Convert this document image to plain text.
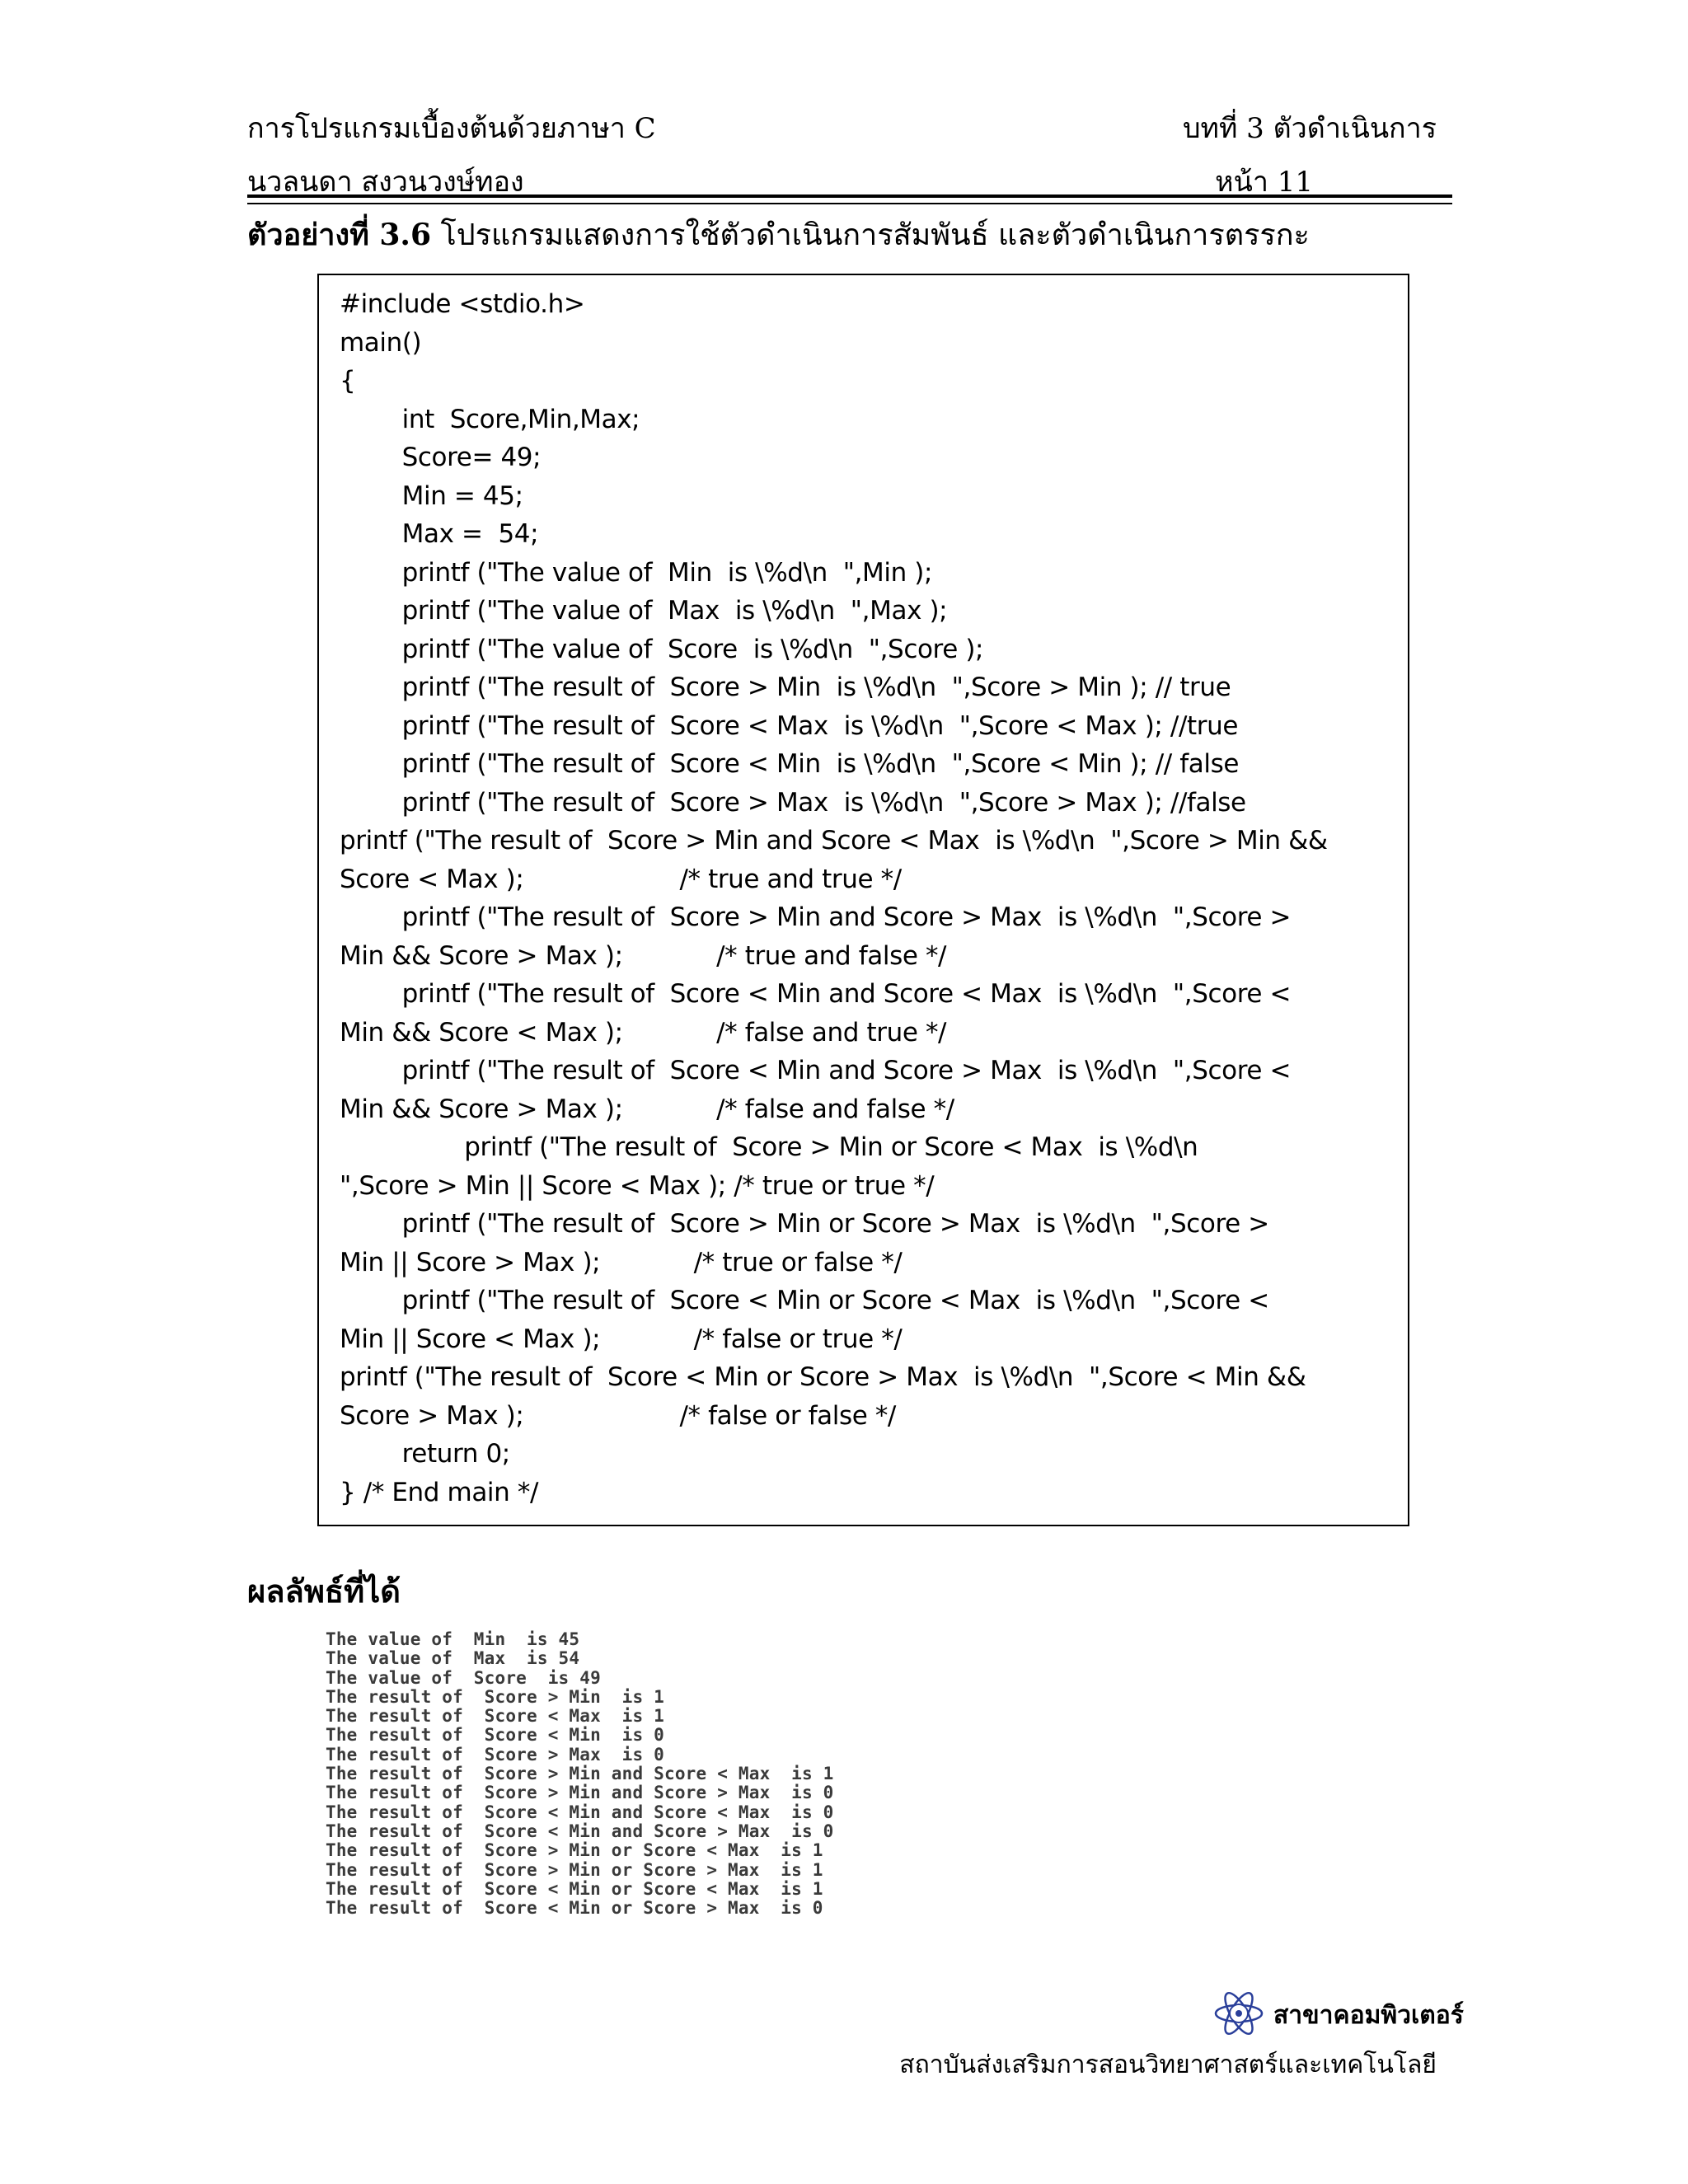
การโปรแกรมเบื้องต้นด้วยภาษา C	บทที่ 3 ตัวดำเนินการ
นวลนดา สงวนวงษ์ทอง	หน้า 11
ตัวอย่างที่ 3.6 โปรแกรมแสดงการใช้ตัวดำเนินการสัมพันธ์ และตัวดำเนินการตรรกะ
#include <stdio.h>
main()
{
int  Score,Min,Max;
Score= 49;
Min = 45;
Max =  54;
printf ("The value of  Min  is \%d\n  ",Min );
printf ("The value of  Max  is \%d\n  ",Max );
printf ("The value of  Score  is \%d\n  ",Score );
printf ("The result of  Score > Min  is \%d\n  ",Score > Min ); // true
printf ("The result of  Score < Max  is \%d\n  ",Score < Max ); //true
printf ("The result of  Score < Min  is \%d\n  ",Score < Min ); // false
printf ("The result of  Score > Max  is \%d\n  ",Score > Max ); //false
printf ("The result of  Score > Min and Score < Max  is \%d\n  ",Score > Min &&
Score < Max );                    /* true and true */
printf ("The result of  Score > Min and Score > Max  is \%d\n  ",Score >
Min && Score > Max );            /* true and false */
printf ("The result of  Score < Min and Score < Max  is \%d\n  ",Score <
Min && Score < Max );            /* false and true */
printf ("The result of  Score < Min and Score > Max  is \%d\n  ",Score <
Min && Score > Max );            /* false and false */
printf ("The result of  Score > Min or Score < Max  is \%d\n
",Score > Min || Score < Max ); /* true or true */
printf ("The result of  Score > Min or Score > Max  is \%d\n  ",Score >
Min || Score > Max );            /* true or false */
printf ("The result of  Score < Min or Score < Max  is \%d\n  ",Score <
Min || Score < Max );            /* false or true */
printf ("The result of  Score < Min or Score > Max  is \%d\n  ",Score < Min &&
Score > Max );                    /* false or false */
return 0;
} /* End main */
ผลลัพธ์ที่ได้
The value of  Min  is 45
The value of  Max  is 54
The value of  Score  is 49
The result of  Score > Min  is 1
The result of  Score < Max  is 1
The result of  Score < Min  is 0
The result of  Score > Max  is 0
The result of  Score > Min and Score < Max  is 1
The result of  Score > Min and Score > Max  is 0
The result of  Score < Min and Score < Max  is 0
The result of  Score < Min and Score > Max  is 0
The result of  Score > Min or Score < Max  is 1
The result of  Score > Min or Score > Max  is 1
The result of  Score < Min or Score < Max  is 1
The result of  Score < Min or Score > Max  is 0
สาขาคอมพิวเตอร์
สถาบันส่งเสริมการสอนวิทยาศาสตร์และเทคโนโลยี
